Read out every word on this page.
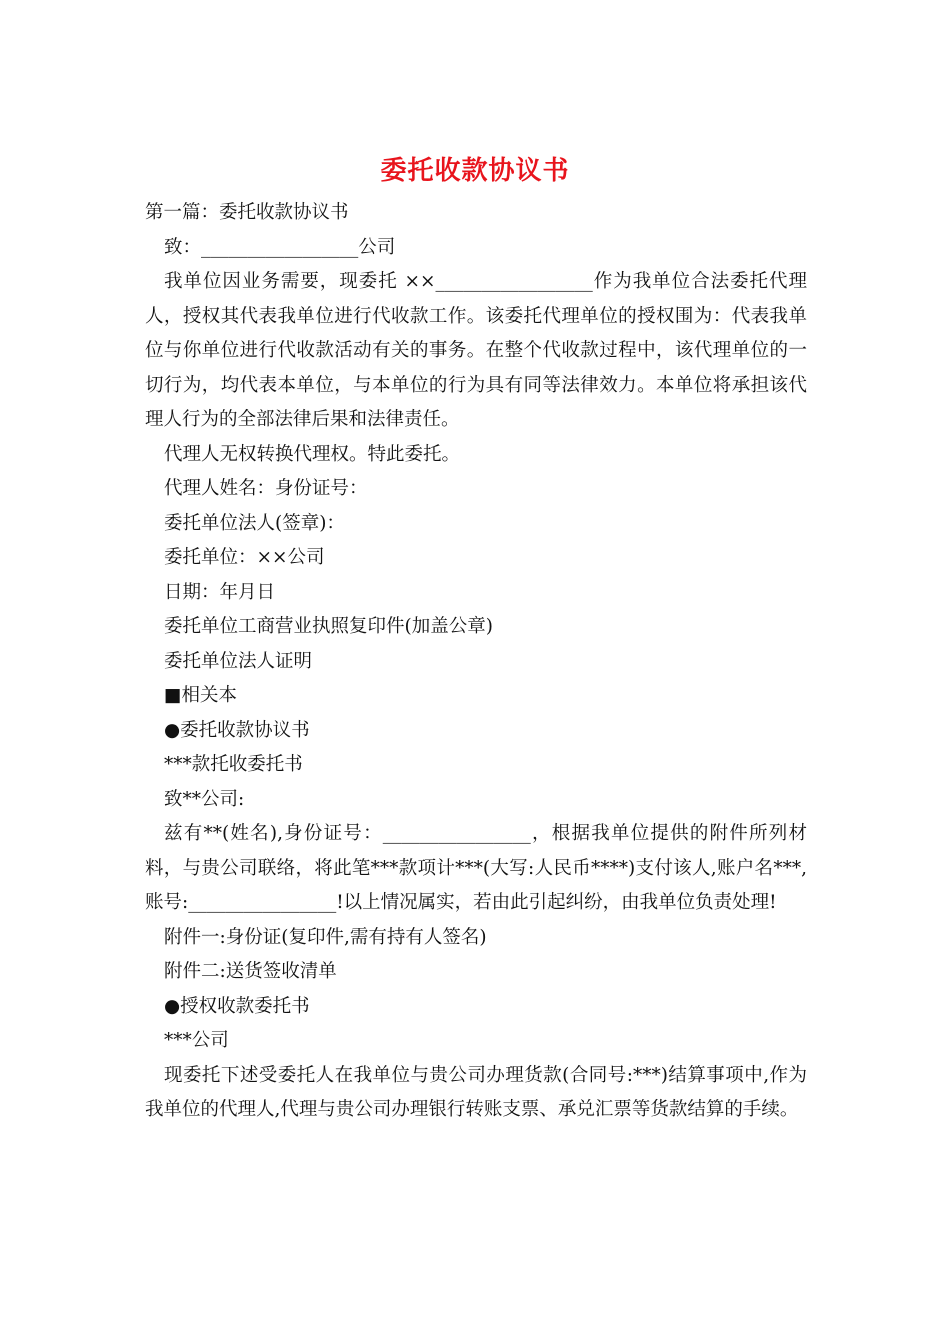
委托收款协议书

第一篇：委托收款协议书

致：_________________公司

我单位因业务需要，现委托 ××_________________作为我单位合法委托代理人，授权其代表我单位进行代收款工作。该委托代理单位的授权围为：代表我单位与你单位进行代收款活动有关的事务。在整个代收款过程中，该代理单位的一切行为，均代表本单位，与本单位的行为具有同等法律效力。本单位将承担该代理人行为的全部法律后果和法律责任。

代理人无权转换代理权。特此委托。

代理人姓名：身份证号：

委托单位法人(签章)：

委托单位：××公司

日期：年月日

委托单位工商营业执照复印件(加盖公章)

委托单位法人证明

■相关本

●委托收款协议书

***款托收委托书

致**公司:

兹有**(姓名),身份证号：________________，根据我单位提供的附件所列材料，与贵公司联络，将此笔***款项计***(大写:人民币****)支付该人,账户名***,账号:________________!以上情况属实，若由此引起纠纷，由我单位负责处理!

附件一:身份证(复印件,需有持有人签名)

附件二:送货签收清单

●授权收款委托书

***公司

现委托下述受委托人在我单位与贵公司办理货款(合同号:***)结算事项中,作为我单位的代理人,代理与贵公司办理银行转账支票、承兑汇票等货款结算的手续。
